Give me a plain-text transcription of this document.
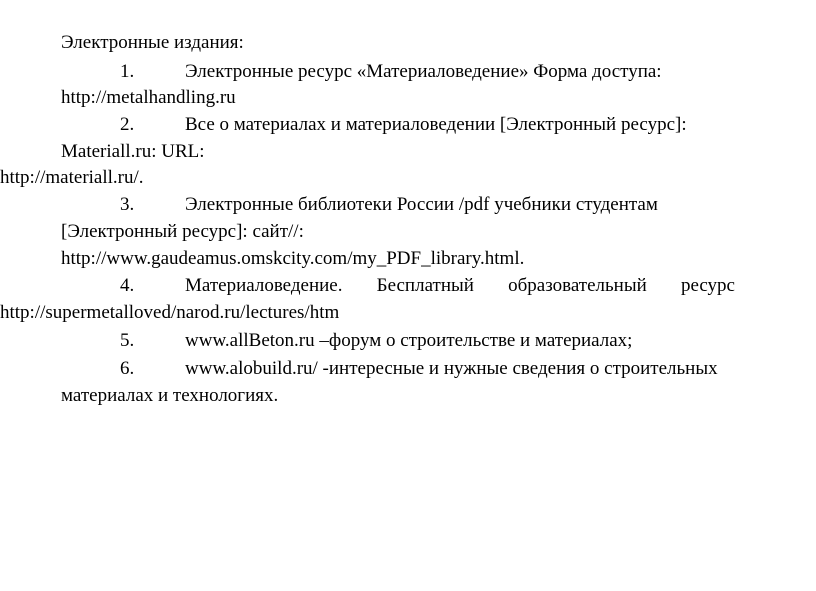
Электронные издания:
1.	Электронные ресурс «Материаловедение» Форма доступа:
http://metalhandling.ru
2.	Все о материалах и материаловедении [Электронный ресурс]:
Materiall.ru: URL:
http://materiall.ru/.
3.	Электронные библиотеки России /pdf учебники студентам
[Электронный ресурс]: сайт//:
http://www.gaudeamus.omskcity.com/my_PDF_library.html.
4.	Материаловедение. Бесплатный образовательный ресурс
http://supermetalloved/narod.ru/lectures/htm
5.	www.allBeton.ru –форум о строительстве и материалах;
6.	www.alobuild.ru/ -интересные и нужные сведения о строительных
материалах и технологиях.
